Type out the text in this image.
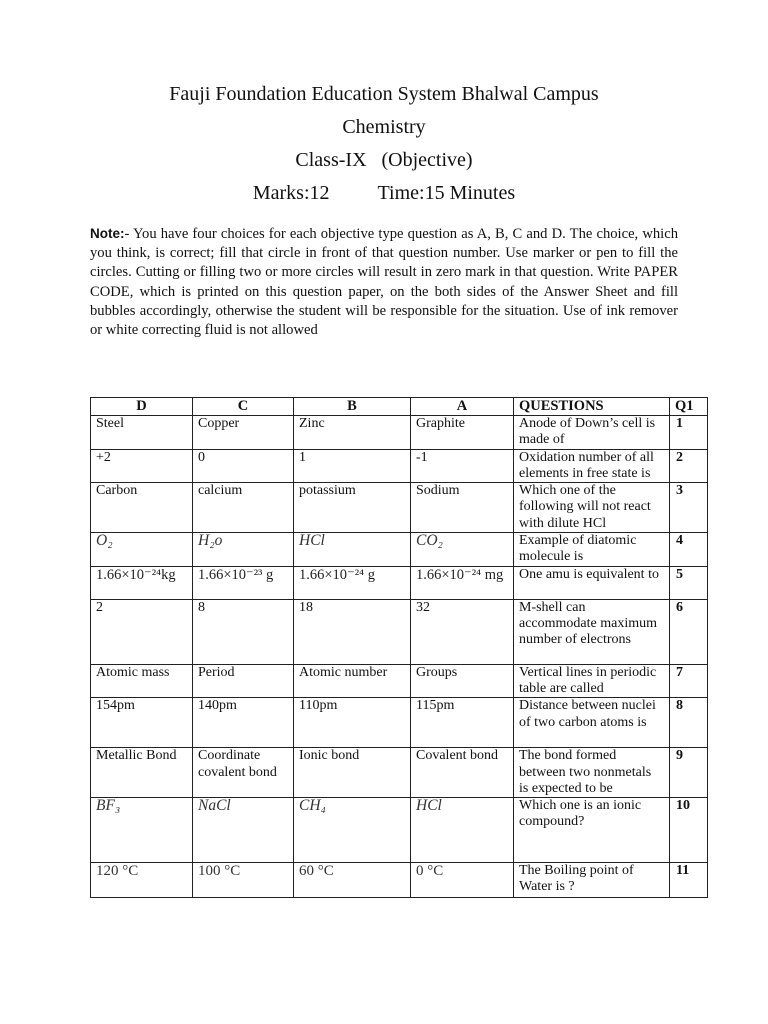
Fauji Foundation Education System Bhalwal Campus
Chemistry
Class-IX   (Objective)
Marks:12 Time:15 Minutes
Note:- You have four choices for each objective type question as A, B, C and D. The choice, which you think, is correct; fill that circle in front of that question number. Use marker or pen to fill the circles. Cutting or filling two or more circles will result in zero mark in that question. Write PAPER CODE, which is printed on this question paper, on the both sides of the Answer Sheet and fill bubbles accordingly, otherwise the student will be responsible for the situation. Use of ink remover or white correcting fluid is not allowed
D	C	B	A	QUESTIONS	Q1
Steel	Copper	Zinc	Graphite	Anode of Down’s cell is made of	1
+2	0	1	-1	Oxidation number of all elements in free state is	2
Carbon	calcium	potassium	Sodium	Which one of the following will not react with dilute HCl	3
O₂	H₂o	HCl	CO₂	Example of diatomic molecule is	4
1.66×10⁻²⁴kg	1.66×10⁻²³ g	1.66×10⁻²⁴ g	1.66×10⁻²⁴ mg	One amu is equivalent to	5
2	8	18	32	M-shell can accommodate maximum number of electrons	6
Atomic mass	Period	Atomic number	Groups	Vertical lines in periodic table are called	7
154pm	140pm	110pm	115pm	Distance between nuclei of two carbon atoms is	8
Metallic Bond	Coordinate covalent bond	Ionic bond	Covalent bond	The bond formed between two nonmetals is expected to be	9
BF₃	NaCl	CH₄	HCl	Which one is an ionic compound?	10
120 °C	100 °C	60 °C	0 °C	The Boiling point of Water is ?	11
